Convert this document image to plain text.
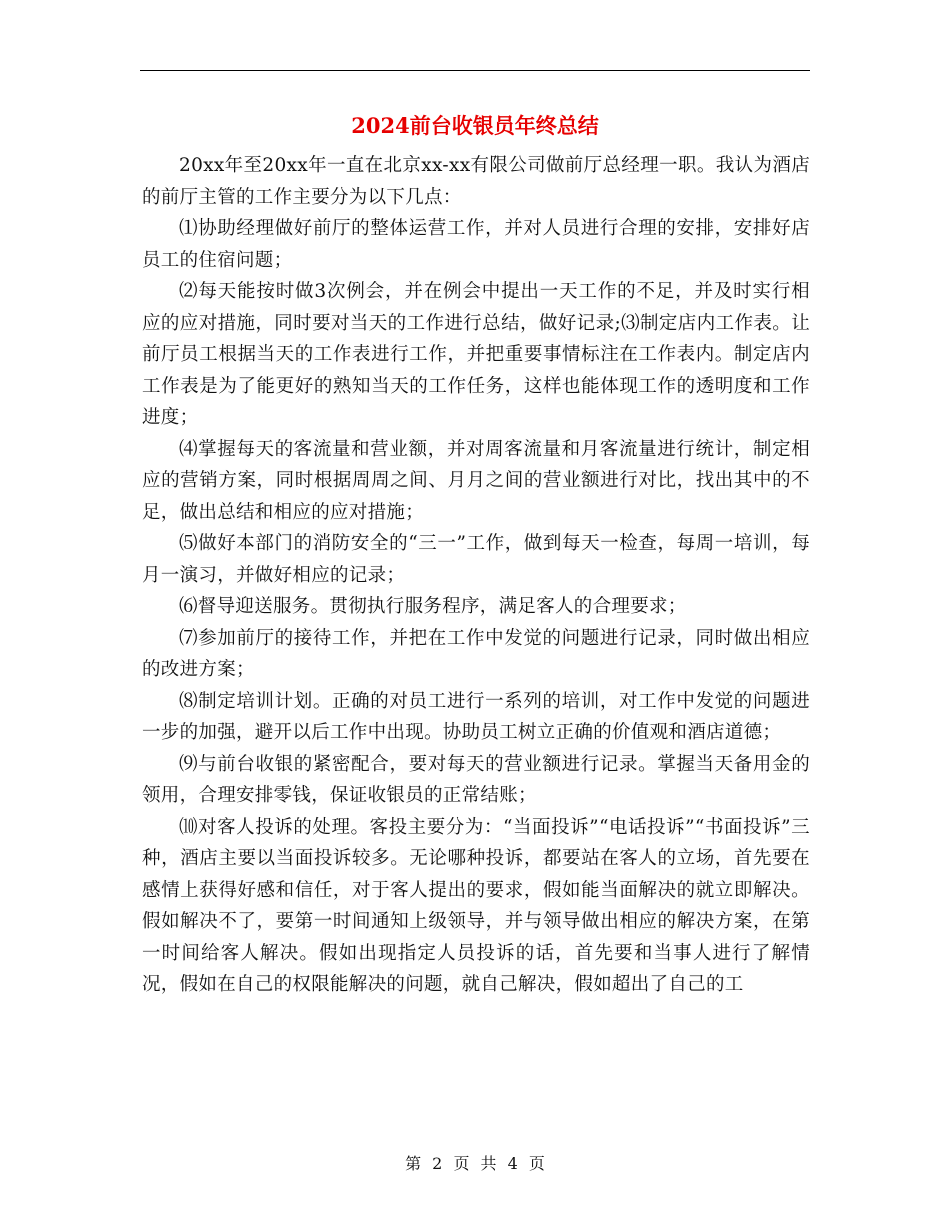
2024前台收银员年终总结

20xx年至20xx年一直在北京xx-xx有限公司做前厅总经理一职。我认为酒店的前厅主管的工作主要分为以下几点：

⑴协助经理做好前厅的整体运营工作，并对人员进行合理的安排，安排好店员工的住宿问题；

⑵每天能按时做3次例会，并在例会中提出一天工作的不足，并及时实行相应的应对措施，同时要对当天的工作进行总结，做好记录;⑶制定店内工作表。让前厅员工根据当天的工作表进行工作，并把重要事情标注在工作表内。制定店内工作表是为了能更好的熟知当天的工作任务，这样也能体现工作的透明度和工作进度；

⑷掌握每天的客流量和营业额，并对周客流量和月客流量进行统计，制定相应的营销方案，同时根据周周之间、月月之间的营业额进行对比，找出其中的不足，做出总结和相应的应对措施；

⑸做好本部门的消防安全的“三一”工作，做到每天一检查，每周一培训，每月一演习，并做好相应的记录；

⑹督导迎送服务。贯彻执行服务程序，满足客人的合理要求；

⑺参加前厅的接待工作，并把在工作中发觉的问题进行记录，同时做出相应的改进方案；

⑻制定培训计划。正确的对员工进行一系列的培训，对工作中发觉的问题进一步的加强，避开以后工作中出现。协助员工树立正确的价值观和酒店道德；

⑼与前台收银的紧密配合，要对每天的营业额进行记录。掌握当天备用金的领用，合理安排零钱，保证收银员的正常结账；

⑽对客人投诉的处理。客投主要分为：“当面投诉”“电话投诉”“书面投诉”三种，酒店主要以当面投诉较多。无论哪种投诉，都要站在客人的立场，首先要在感情上获得好感和信任，对于客人提出的要求，假如能当面解决的就立即解决。假如解决不了，要第一时间通知上级领导，并与领导做出相应的解决方案，在第一时间给客人解决。假如出现指定人员投诉的话，首先要和当事人进行了解情况，假如在自己的权限能解决的问题，就自己解决，假如超出了自己的工

第 2 页 共 4 页
